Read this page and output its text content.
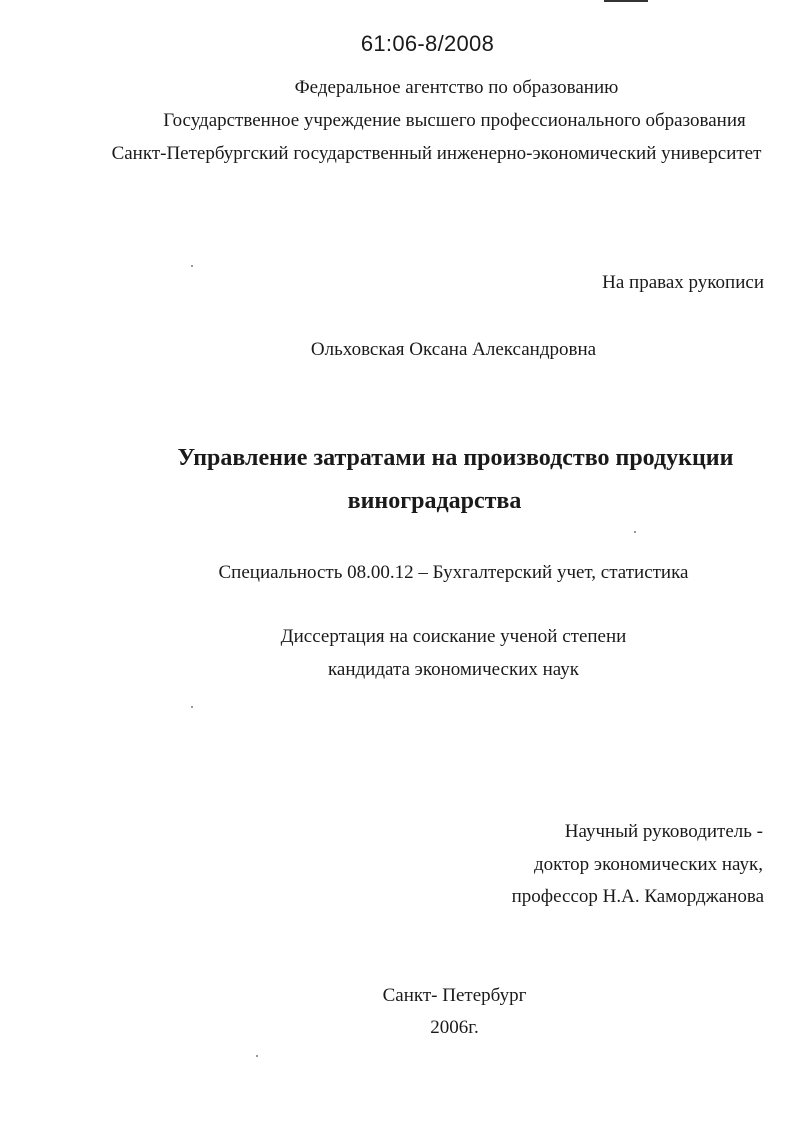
61:06-8/2008
Федеральное агентство по образованию
Государственное учреждение высшего профессионального образования
Санкт-Петербургский государственный инженерно-экономический университет
На правах рукописи
Ольховская Оксана Александровна
Управление затратами на производство продукции
виноградарства
Специальность 08.00.12 – Бухгалтерский учет, статистика
Диссертация на соискание ученой степени
кандидата экономических наук
Научный руководитель -
доктор экономических наук,
профессор Н.А. Каморджанова
Санкт- Петербург
2006г.
